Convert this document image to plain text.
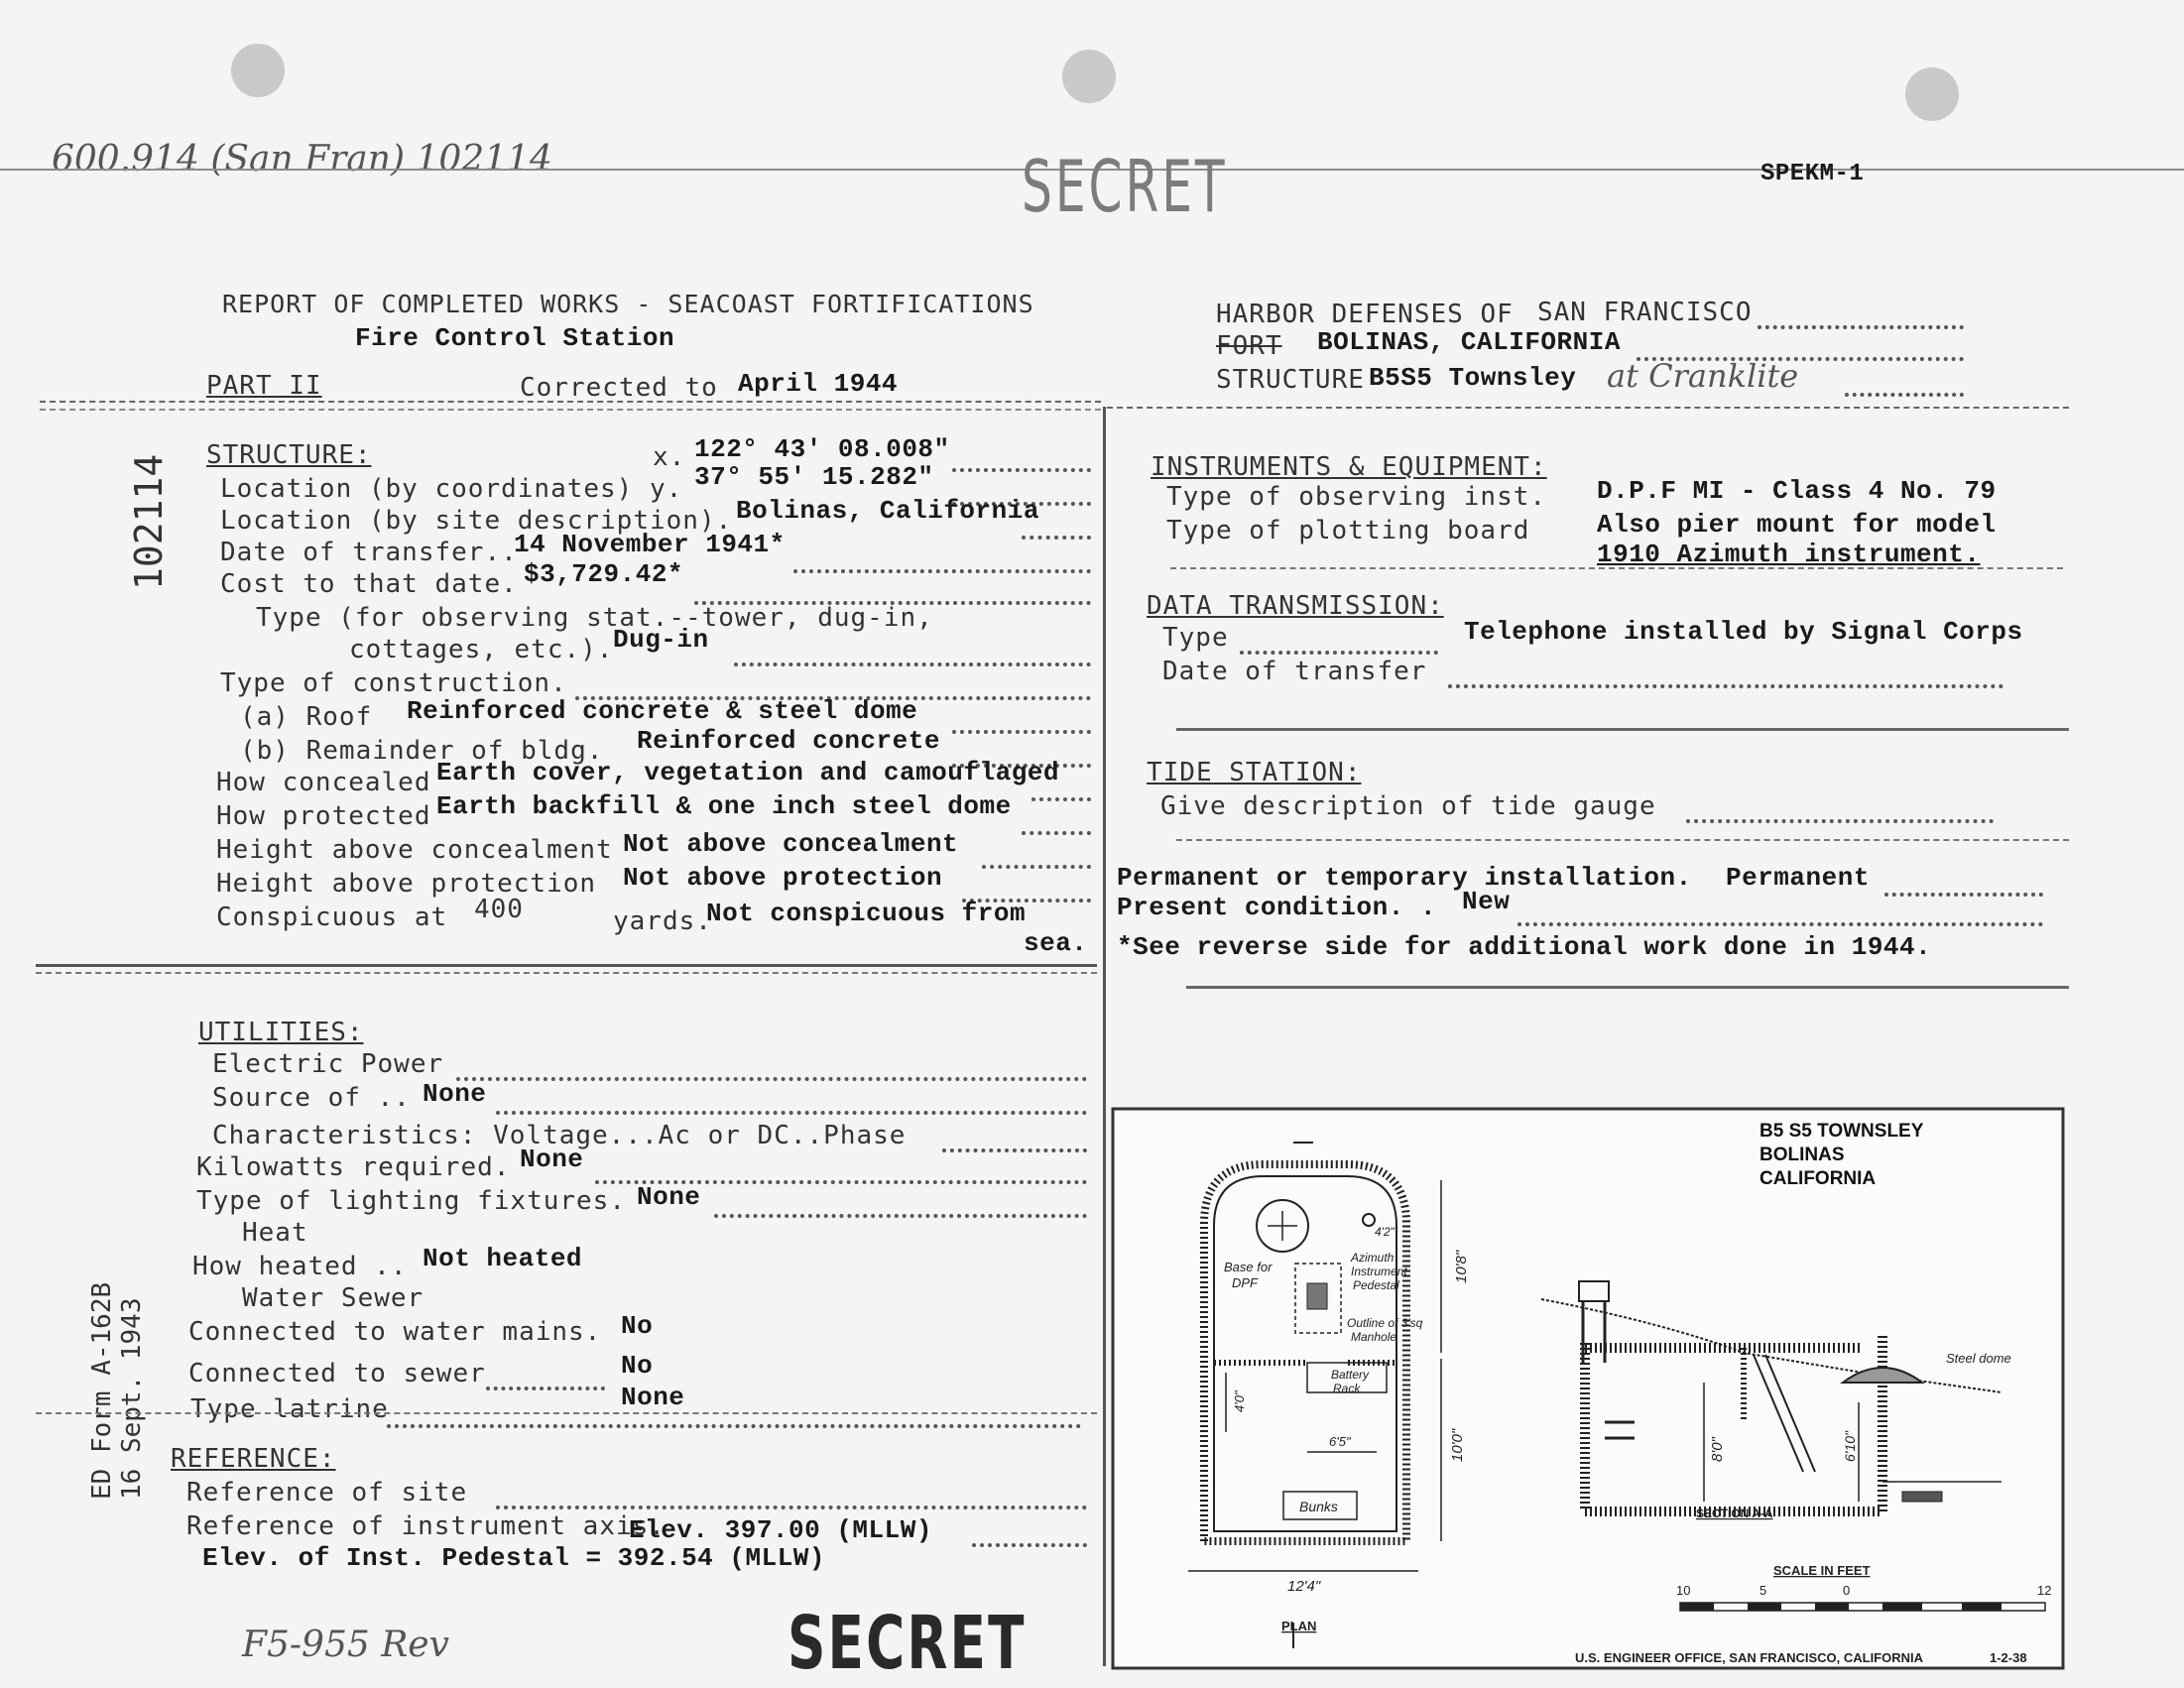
600.914 (San Fran) 102114	SECRET	SPEKM-1
REPORT OF COMPLETED WORKS - SEACOAST FORTIFICATIONS
Fire Control Station
PART II	Corrected to April 1944
HARBOR DEFENSES OF SAN FRANCISCO
FORT BOLINAS, CALIFORNIA
STRUCTURE B5S5 Townsley at Cranklite
102114
ED Form A-162B 16 Sept. 1943
STRUCTURE:	x. 122° 43' 08.008"
Location (by coordinates) y. 37° 55' 15.282"
Location (by site description). Bolinas, California
Date of transfer..
14 November 1941*
Cost to that date. $3,729.42*
Type (for observing stat.--tower, dug-in,
cottages, etc.). Dug-in
Type of construction.
(a) Roof Reinforced concrete & steel dome
(b) Remainder of bldg. Reinforced concrete
How concealed Earth cover, vegetation and camouflaged
How protected Earth backfill & one inch steel dome
Height above concealment Not above concealment
Height above protection Not above protection
Conspicuous at 400	yards.
Not conspicuous from
sea.
INSTRUMENTS & EQUIPMENT:
Type of observing inst. D.P.F MI - Class 4 No. 79
Type of plotting board	Also pier mount for model
1910 Azimuth instrument.
DATA TRANSMISSION:
Type	Telephone installed by Signal Corps
Date of transfer
TIDE STATION:
Give description of tide gauge
Permanent or temporary installation. Permanent
Present condition. . New
*See reverse side for additional work done in 1944.
UTILITIES:
Electric Power
Source of .. None
Characteristics: Voltage...Ac or DC..Phase
Kilowatts required. None
Type of lighting fixtures. None
Heat
How heated .. Not heated
Water Sewer
Connected to water mains. No
Connected to sewer	No
Type latrine	None
REFERENCE:
Reference of site
Reference of instrument axis.
Elev. 397.00 (MLLW)
Elev. of Inst. Pedestal = 392.54 (MLLW)
F5-955 Rev	SECRET
B5 S5 TOWNSLEY
BOLINAS
CALIFORNIA
Base for
DPF
Azimuth
Instrument
Pedestal
Outline of 3'sq
Manhole
Battery
Rack
Bunks
12'4"
10'8"
10'0"
4'0"
6'5"
4'2"
PLAN
Steel dome
8'0"	6'10"
SECTION A-A
SCALE IN FEET
10	5	0	12
U.S. ENGINEER OFFICE, SAN FRANCISCO, CALIFORNIA	1-2-38
